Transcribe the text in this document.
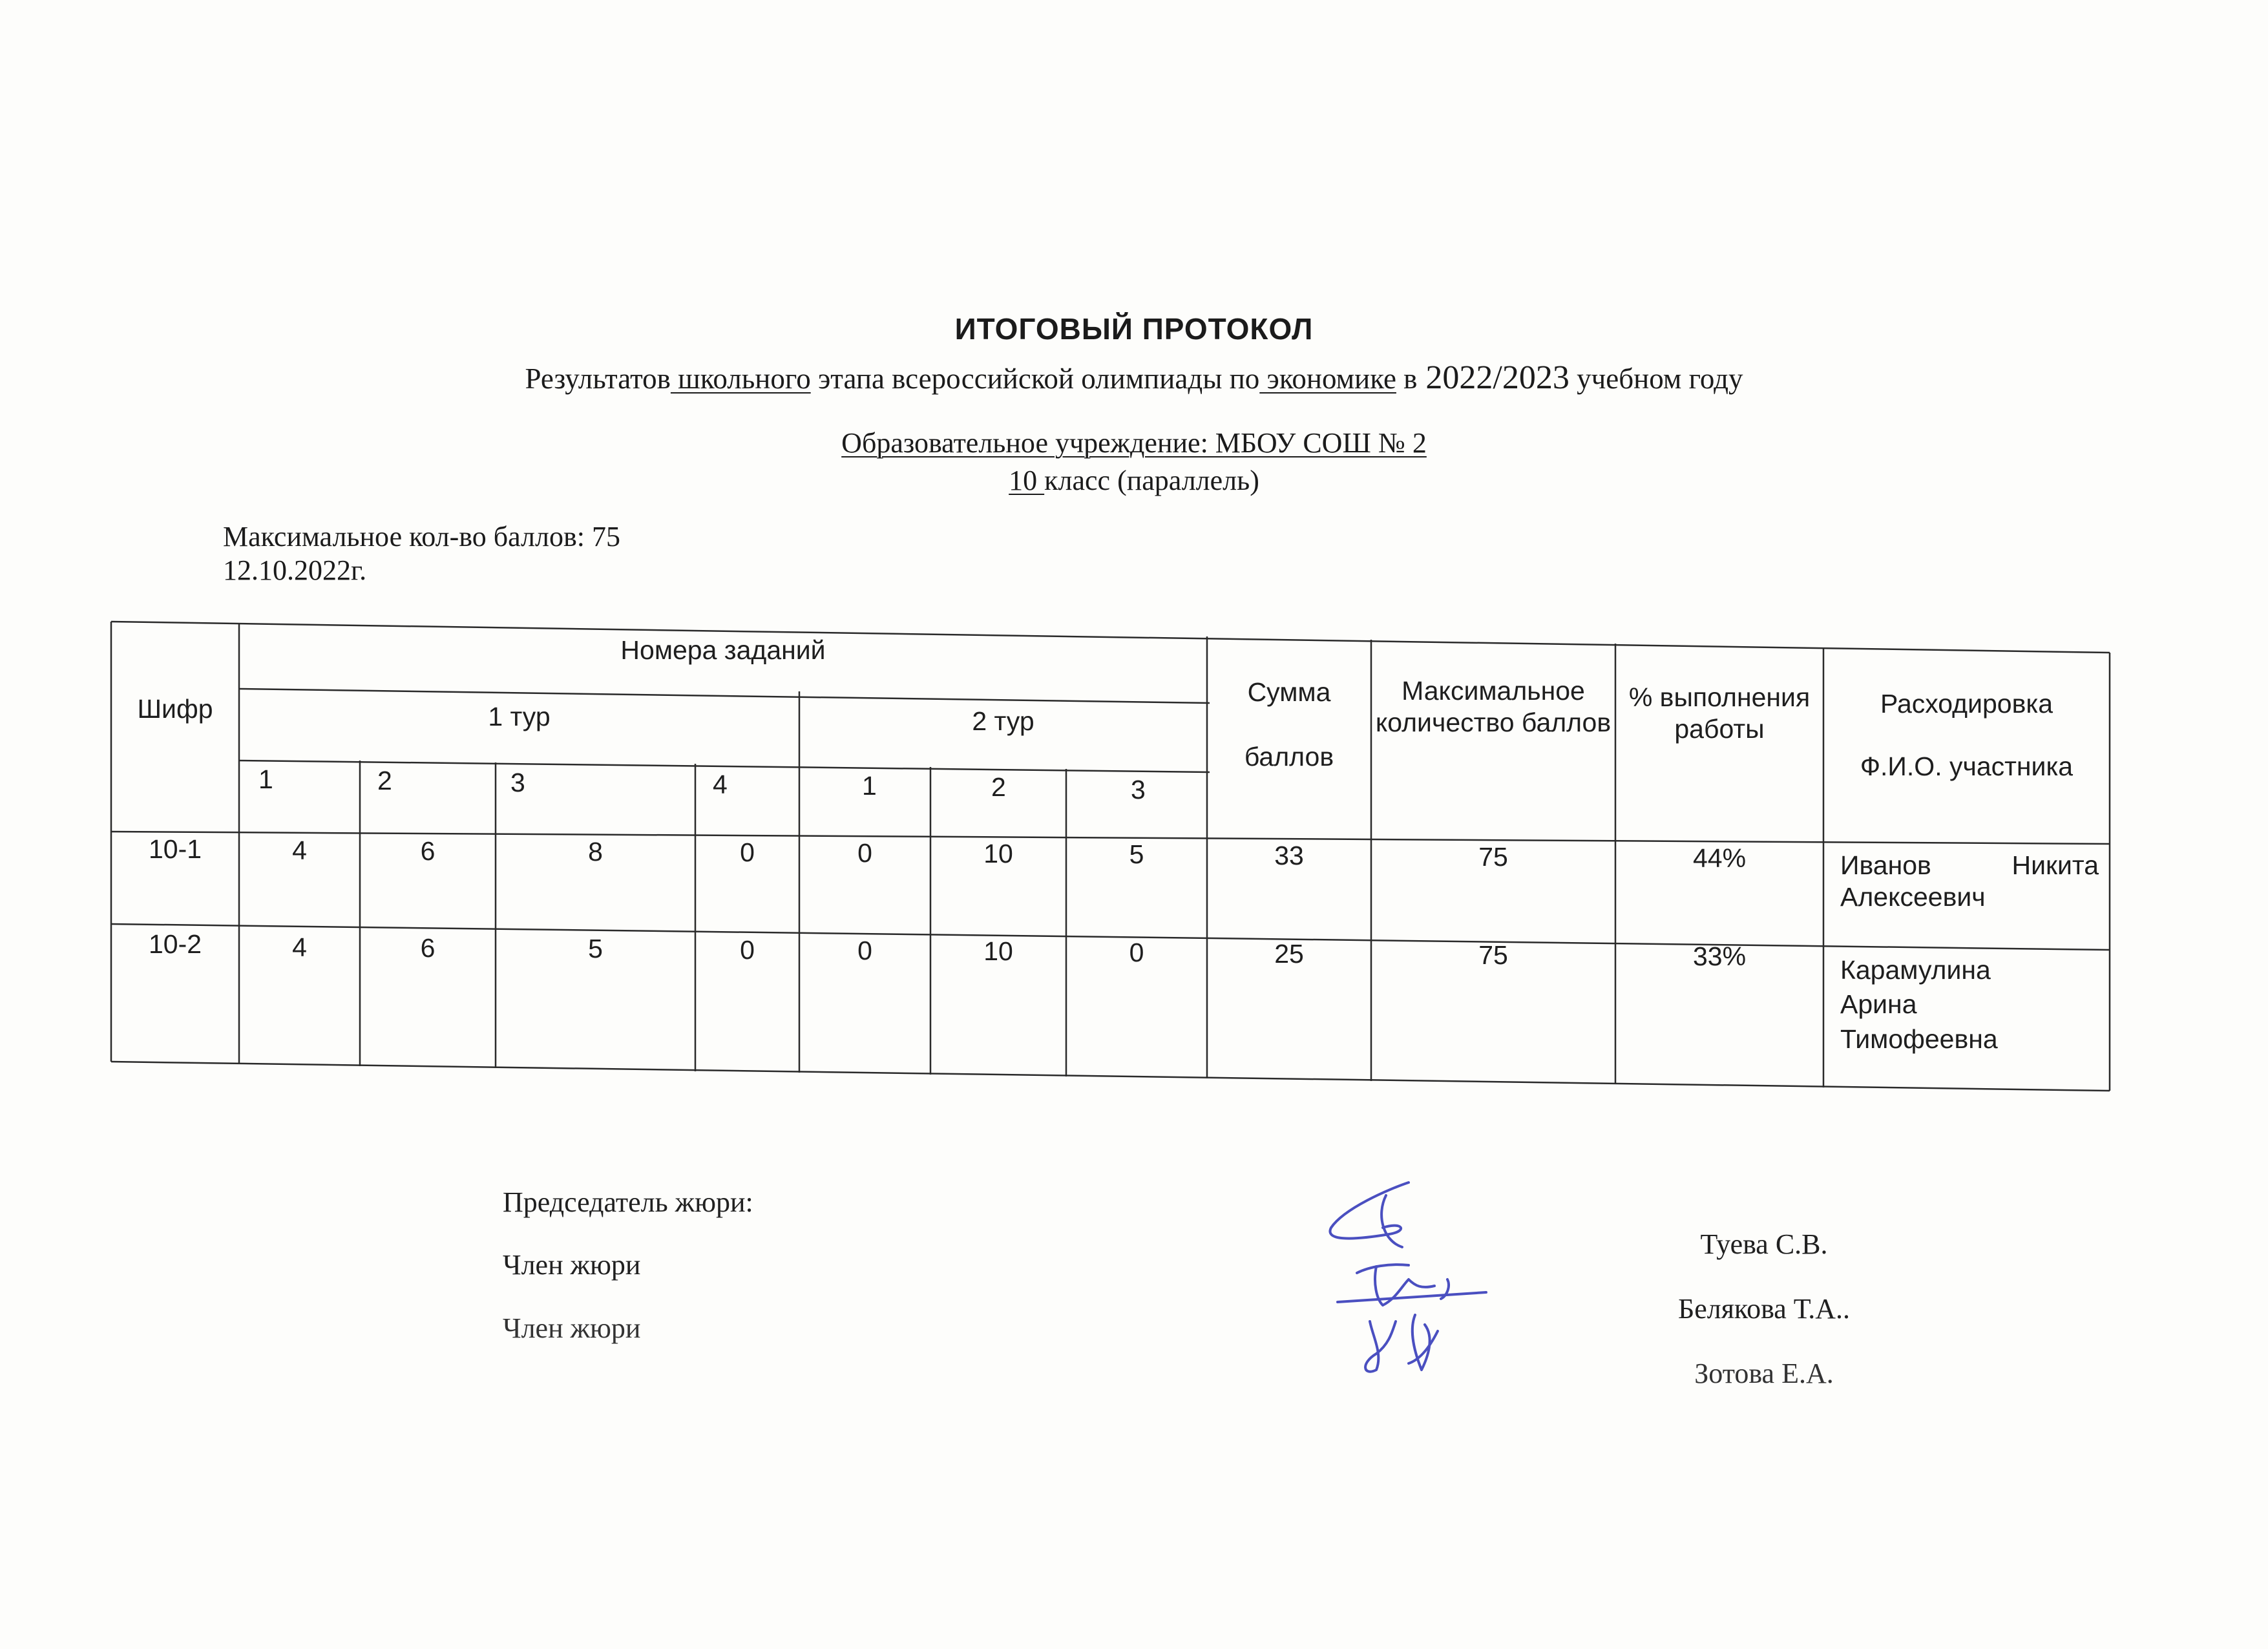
ИТОГОВЫЙ ПРОТОКОЛ
Результатов школьного этапа всероссийской олимпиады по экономике в 2022/2023 учебном году
Образовательное учреждение: МБОУ СОШ № 2
10 класс (параллель)
Максимальное кол-во баллов: 75
12.10.2022г.
Шифр
Номера заданий
1 тур	2 тур
1	2	3	4	1	2	3
Сумма
баллов
Максимальное количество баллов
% выполнения работы
Расходировка
Ф.И.О. участника
10-1	4	6	8	0	0	10	5	33	75	44%	Иванов Никита Алексеевич
10-2	4	6	5	0	0	10	0	25	75	33%	Карамулина Арина Тимофеевна
Председатель жюри:
Член жюри
Член жюри
Туева С.В.
Белякова Т.А..
Зотова Е.А.
